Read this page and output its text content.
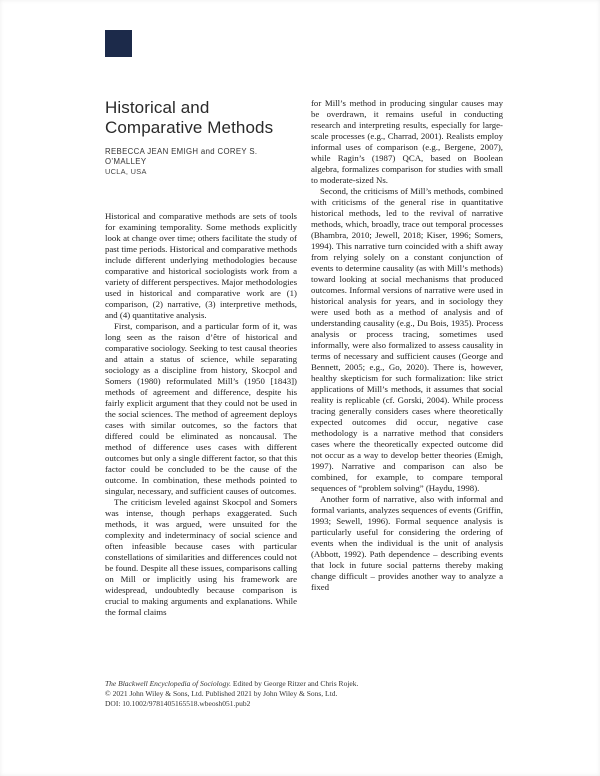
Historical and
Comparative Methods
REBECCA JEAN EMIGH and COREY S. O’MALLEY
UCLA, USA

Historical and comparative methods are sets of tools for examining temporality. Some methods explicitly look at change over time; others facilitate the study of past time periods. Historical and comparative methods include different underlying methodologies because comparative and historical sociologists work from a variety of different perspectives. Major methodologies used in historical and comparative work are (1) comparison, (2) narrative, (3) interpretive methods, and (4) quantitative analysis.

First, comparison, and a particular form of it, was long seen as the raison d’être of historical and comparative sociology. Seeking to test causal theories and attain a status of science, while separating sociology as a discipline from history, Skocpol and Somers (1980) reformulated Mill’s (1950 [1843]) methods of agreement and difference, despite his fairly explicit argument that they could not be used in the social sciences. The method of agreement deploys cases with similar outcomes, so the factors that differed could be eliminated as noncausal. The method of difference uses cases with different outcomes but only a single different factor, so that this factor could be concluded to be the cause of the outcome. In combination, these methods pointed to singular, necessary, and sufficient causes of outcomes.

The criticism leveled against Skocpol and Somers was intense, though perhaps exaggerated. Such methods, it was argued, were unsuited for the complexity and indeterminacy of social science and often infeasible because cases with particular constellations of similarities and differences could not be found. Despite all these issues, comparisons calling on Mill or implicitly using his framework are widespread, undoubtedly because comparison is crucial to making arguments and explanations. While the formal claims

for Mill’s method in producing singular causes may be overdrawn, it remains useful in conducting research and interpreting results, especially for large-scale processes (e.g., Charrad, 2001). Realists employ informal uses of comparison (e.g., Bergene, 2007), while Ragin’s (1987) QCA, based on Boolean algebra, formalizes comparison for studies with small to moderate-sized Ns.

Second, the criticisms of Mill’s methods, combined with criticisms of the general rise in quantitative historical methods, led to the revival of narrative methods, which, broadly, trace out temporal processes (Bhambra, 2010; Jewell, 2018; Kiser, 1996; Somers, 1994). This narrative turn coincided with a shift away from relying solely on a constant conjunction of events to determine causality (as with Mill’s methods) toward looking at social mechanisms that produced outcomes. Informal versions of narrative were used in historical analysis for years, and in sociology they were used both as a method of analysis and of understanding causality (e.g., Du Bois, 1935). Process analysis or process tracing, sometimes used informally, were also formalized to assess causality in terms of necessary and sufficient causes (George and Bennett, 2005; e.g., Go, 2020). There is, however, healthy skepticism for such formalization: like strict applications of Mill’s methods, it assumes that social reality is replicable (cf. Gorski, 2004). While process tracing generally considers cases where theoretically expected outcomes did occur, negative case methodology is a narrative method that considers cases where the theoretically expected outcome did not occur as a way to develop better theories (Emigh, 1997). Narrative and comparison can also be combined, for example, to compare temporal sequences of “problem solving” (Haydu, 1998).

Another form of narrative, also with informal and formal variants, analyzes sequences of events (Griffin, 1993; Sewell, 1996). Formal sequence analysis is particularly useful for considering the ordering of events when the individual is the unit of analysis (Abbott, 1992). Path dependence – describing events that lock in future social patterns thereby making change difficult – provides another way to analyze a fixed

The Blackwell Encyclopedia of Sociology. Edited by George Ritzer and Chris Rojek.
© 2021 John Wiley & Sons, Ltd. Published 2021 by John Wiley & Sons, Ltd.
DOI: 10.1002/9781405165518.wbeosh051.pub2
